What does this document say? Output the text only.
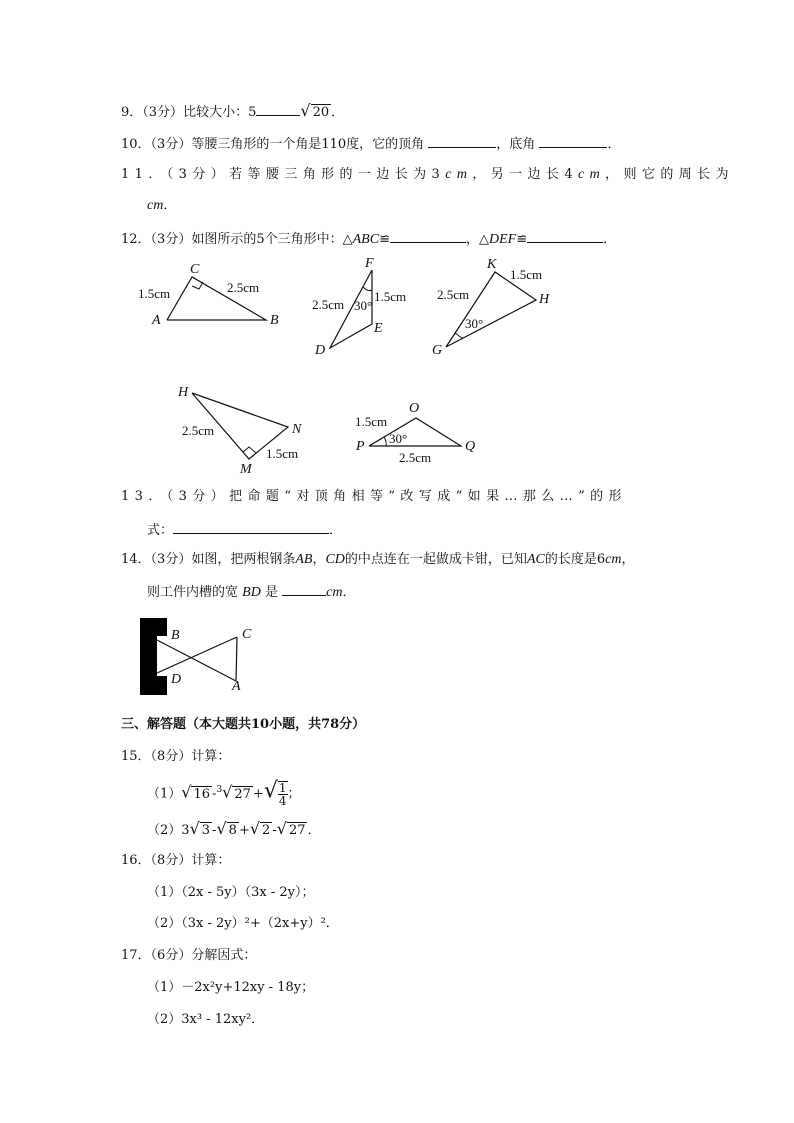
9．（3分）比较大小：5	√ 20 ．
10．（3分）等腰三角形的一个角是110度，它的顶角	，底角	．
11．（3分）若等腰三角形的一边长为3cm，另一边长4cm，则它的周长为
cm．
12．（3分）如图所示的5个三角形中：△ABC≌	，△DEF≌	．
C
A	B
1.5cm	2.5cm
F
D
E
2.5cm
1.5cm
30°
K
H
G
2.5cm
1.5cm
30°
H
N
M
2.5cm
1.5cm
O
P	Q
1.5cm
2.5cm
30°
B	C
D	A
13．（3分）把命题“对顶角相等”改写成“如果…那么…”的形
式：	．
14．（3分）如图，把两根钢条AB，CD的中点连在一起做成卡钳，已知AC的长度是6cm，
则工件内槽的宽 BD 是	cm．
三、解答题（本大题共10小题，共78分）
15．（8分）计算：
（1）√ 16 -$^3$√ 27 +√ $\frac{1}{4}$ ；
（2）3√ 3 -√ 8 +√ 2 -√ 27 ．
16．（8分）计算：
（1）（2x - 5y）（3x - 2y）；
（2）（3x - 2y）²+（2x+y）²．
17．（6分）分解因式：
（1）－2x²y+12xy - 18y；
（2）3x³ - 12xy²．
